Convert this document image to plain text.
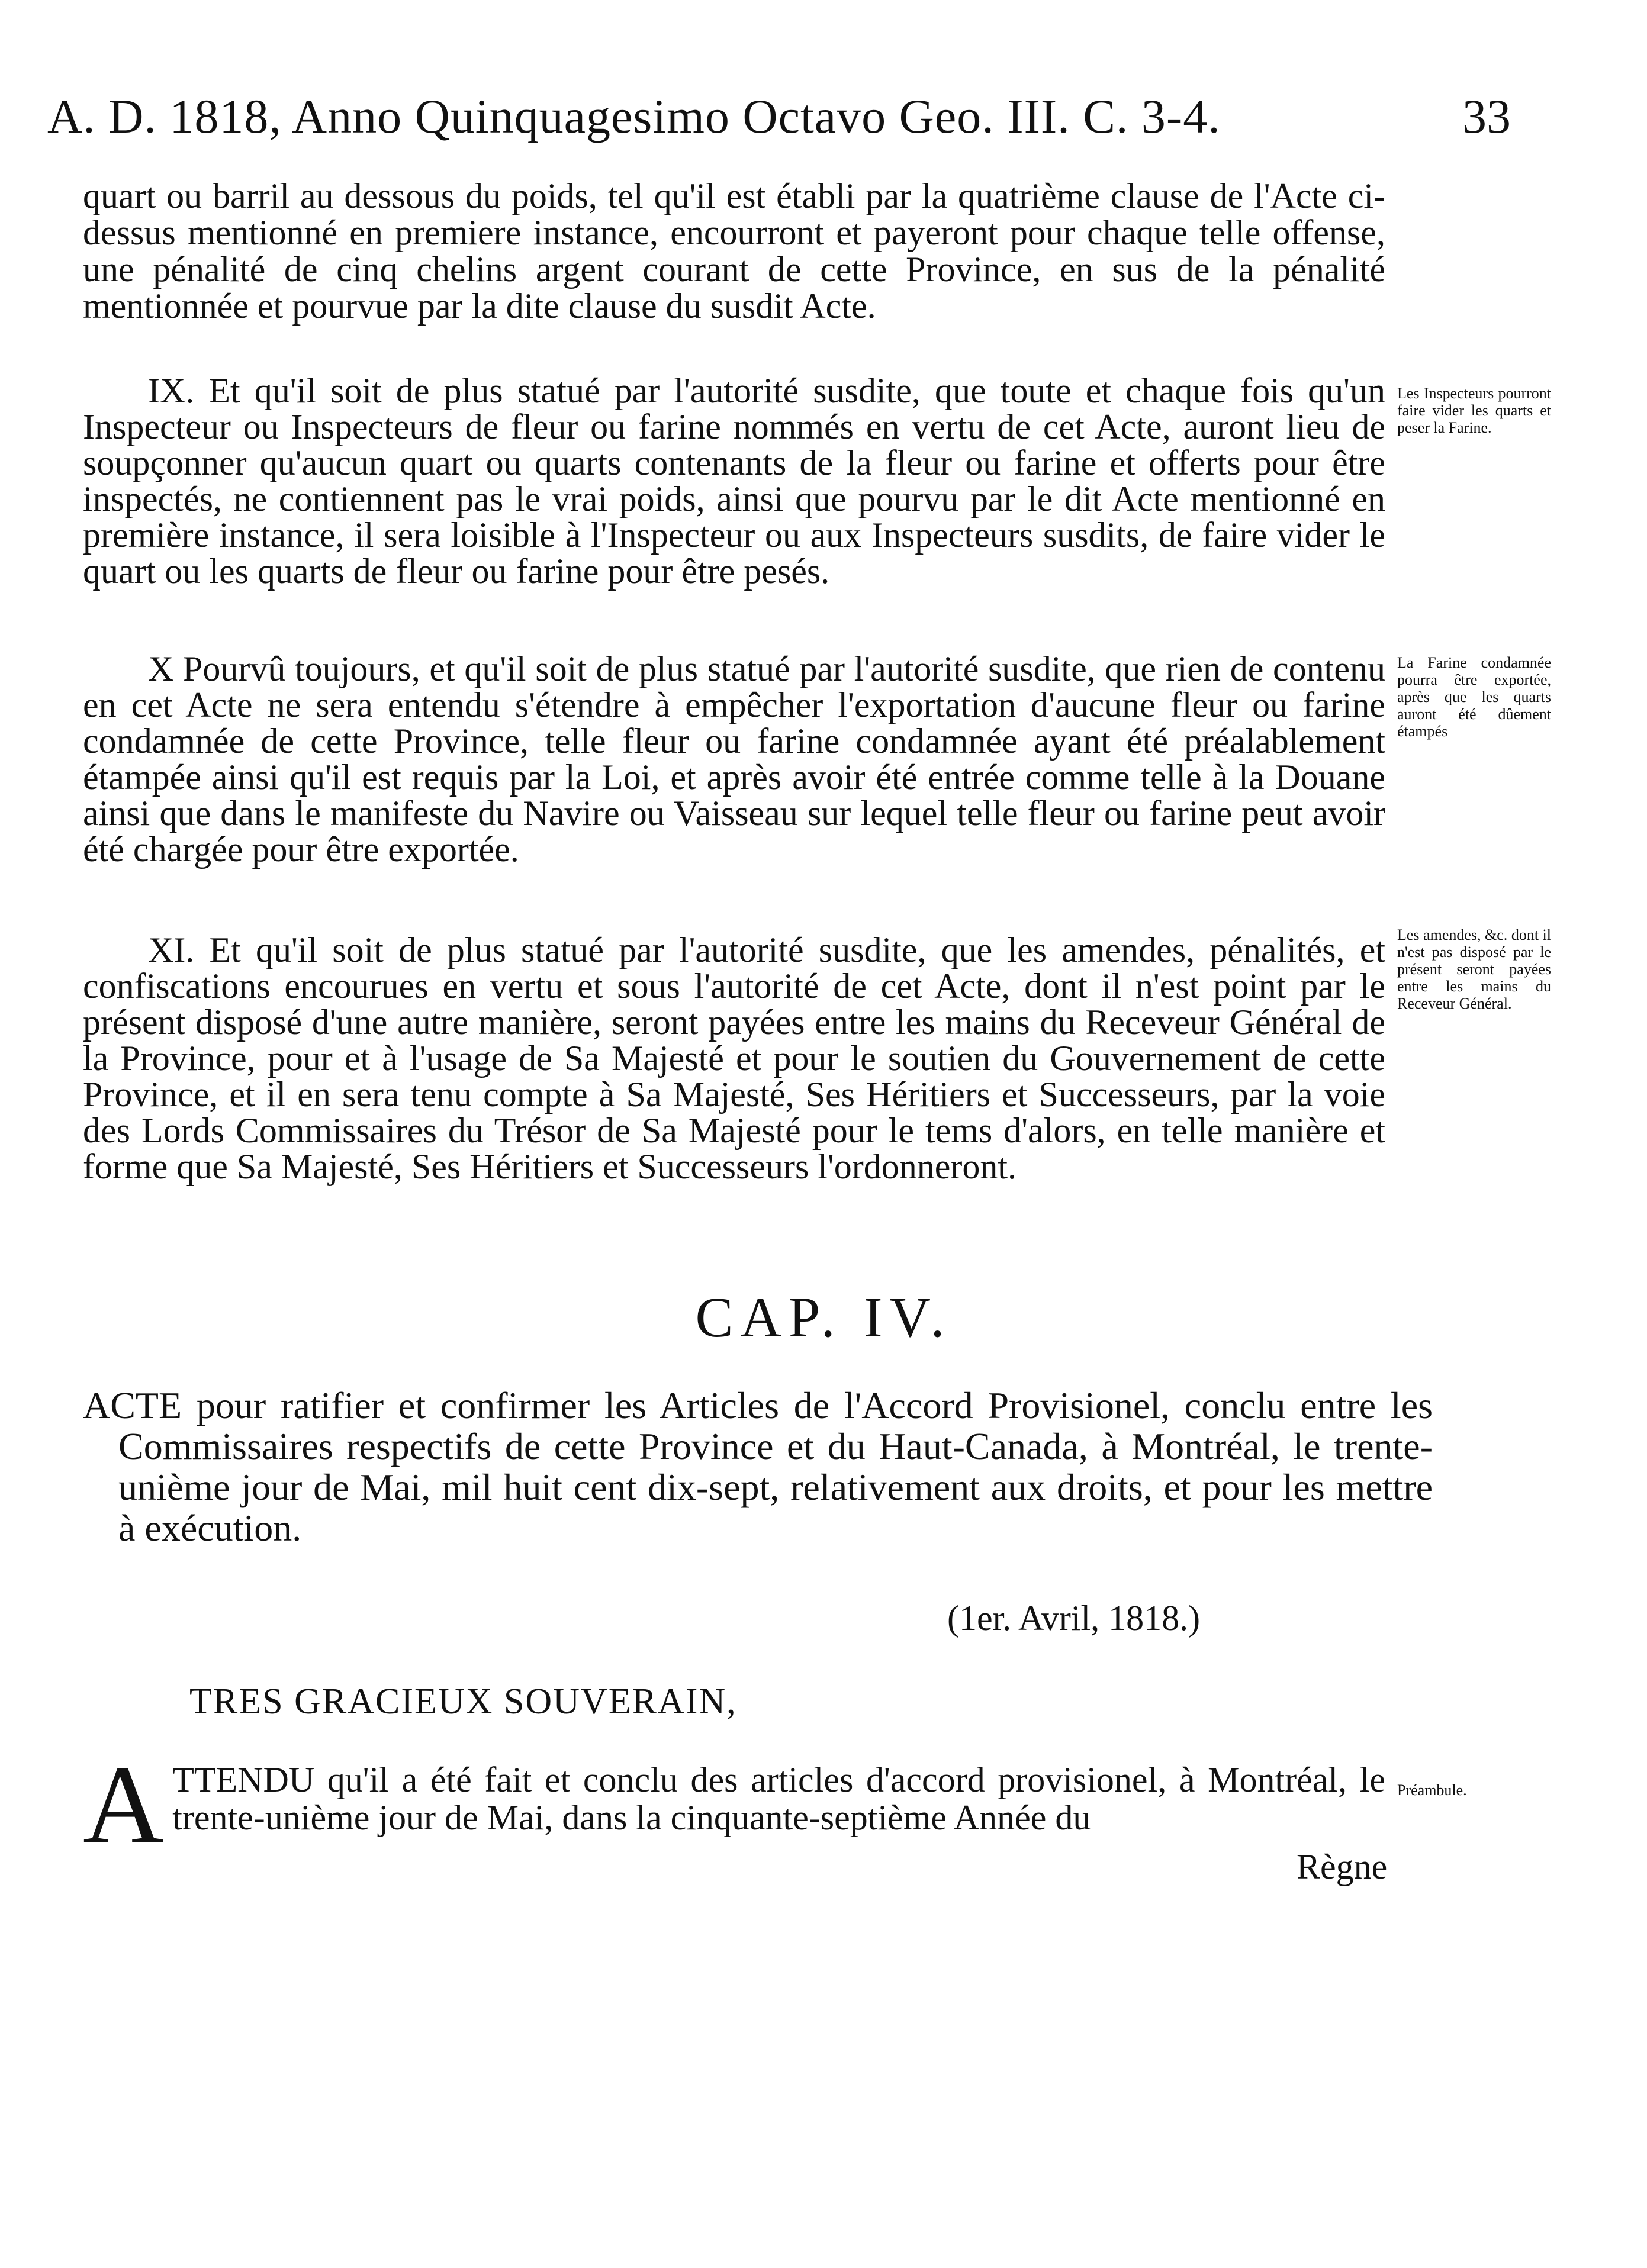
A. D. 1818, Anno Quinquagesimo Octavo Geo. III. C. 3-4.	33

quart ou barril au dessous du poids, tel qu'il est établi par la quatrième clause de l'Acte ci-dessus mentionné en premiere instance, encourront et payeront pour chaque telle offense, une pénalité de cinq chelins argent courant de cette Province, en sus de la pénalité mentionnée et pourvue par la dite clause du susdit Acte.

IX. Et qu'il soit de plus statué par l'autorité susdite, que toute et chaque fois qu'un Inspecteur ou Inspecteurs de fleur ou farine nommés en vertu de cet Acte, auront lieu de soupçonner qu'aucun quart ou quarts contenants de la fleur ou farine et offerts pour être inspectés, ne contiennent pas le vrai poids, ainsi que pourvu par le dit Acte mentionné en première instance, il sera loisible à l'Inspecteur ou aux Inspecteurs susdits, de faire vider le quart ou les quarts de fleur ou farine pour être pesés.

Les Inspecteurs pourront faire vider les quarts et peser la Farine.

X Pourvû toujours, et qu'il soit de plus statué par l'autorité susdite, que rien de contenu en cet Acte ne sera entendu s'étendre à empêcher l'exportation d'aucune fleur ou farine condamnée de cette Province, telle fleur ou farine condamnée ayant été préalablement étampée ainsi qu'il est requis par la Loi, et après avoir été entrée comme telle à la Douane ainsi que dans le manifeste du Navire ou Vaisseau sur lequel telle fleur ou farine peut avoir été chargée pour être exportée.

La Farine condamnée pourra être exportée, après que les quarts auront été dûement étampés

XI. Et qu'il soit de plus statué par l'autorité susdite, que les amendes, pénalités, et confiscations encourues en vertu et sous l'autorité de cet Acte, dont il n'est point par le présent disposé d'une autre manière, seront payées entre les mains du Receveur Général de la Province, pour et à l'usage de Sa Majesté et pour le soutien du Gouvernement de cette Province, et il en sera tenu compte à Sa Majesté, Ses Héritiers et Successeurs, par la voie des Lords Commissaires du Trésor de Sa Majesté pour le tems d'alors, en telle manière et forme que Sa Majesté, Ses Héritiers et Successeurs l'ordonneront.

Les amendes, &c. dont il n'est pas disposé par le présent seront payées entre les mains du Receveur Général.
CAP. IV.
ACTE pour ratifier et confirmer les Articles de l'Accord Provisionel, conclu entre les Commissaires respectifs de cette Province et du Haut-Canada, à Montréal, le trente-unième jour de Mai, mil huit cent dix-sept, relativement aux droits, et pour les mettre à exécution.
(1er. Avril, 1818.)
TRES GRACIEUX SOUVERAIN,
A TTENDU qu'il a été fait et conclu des articles d'accord provisionel, à Montréal, le trente-unième jour de Mai, dans la cinquante-septième Année du
Préambule.
Règne
